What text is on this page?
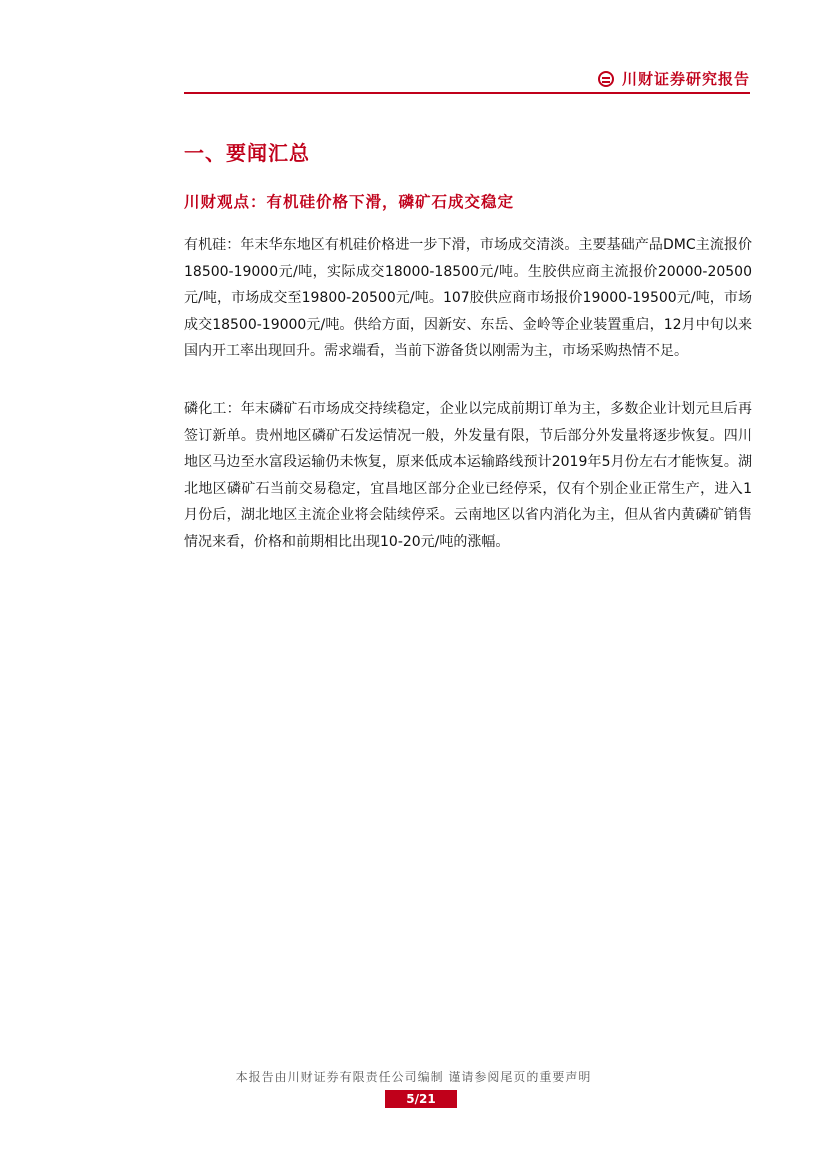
川财证券研究报告
一、要闻汇总
川财观点：有机硅价格下滑，磷矿石成交稳定

有机硅：年末华东地区有机硅价格进一步下滑，市场成交清淡。主要基础产品DMC主流报价18500-19000元/吨，实际成交18000-18500元/吨。生胶供应商主流报价20000-20500元/吨，市场成交至19800-20500元/吨。107胶供应商市场报价19000-19500元/吨，市场成交18500-19000元/吨。供给方面，因新安、东岳、金岭等企业装置重启，12月中旬以来国内开工率出现回升。需求端看，当前下游备货以刚需为主，市场采购热情不足。

磷化工：年末磷矿石市场成交持续稳定，企业以完成前期订单为主，多数企业计划元旦后再签订新单。贵州地区磷矿石发运情况一般，外发量有限，节后部分外发量将逐步恢复。四川地区马边至水富段运输仍未恢复，原来低成本运输路线预计2019年5月份左右才能恢复。湖北地区磷矿石当前交易稳定，宜昌地区部分企业已经停采，仅有个别企业正常生产，进入1月份后，湖北地区主流企业将会陆续停采。云南地区以省内消化为主，但从省内黄磷矿销售情况来看，价格和前期相比出现10-20元/吨的涨幅。

本报告由川财证券有限责任公司编制 谨请参阅尾页的重要声明
5/21
